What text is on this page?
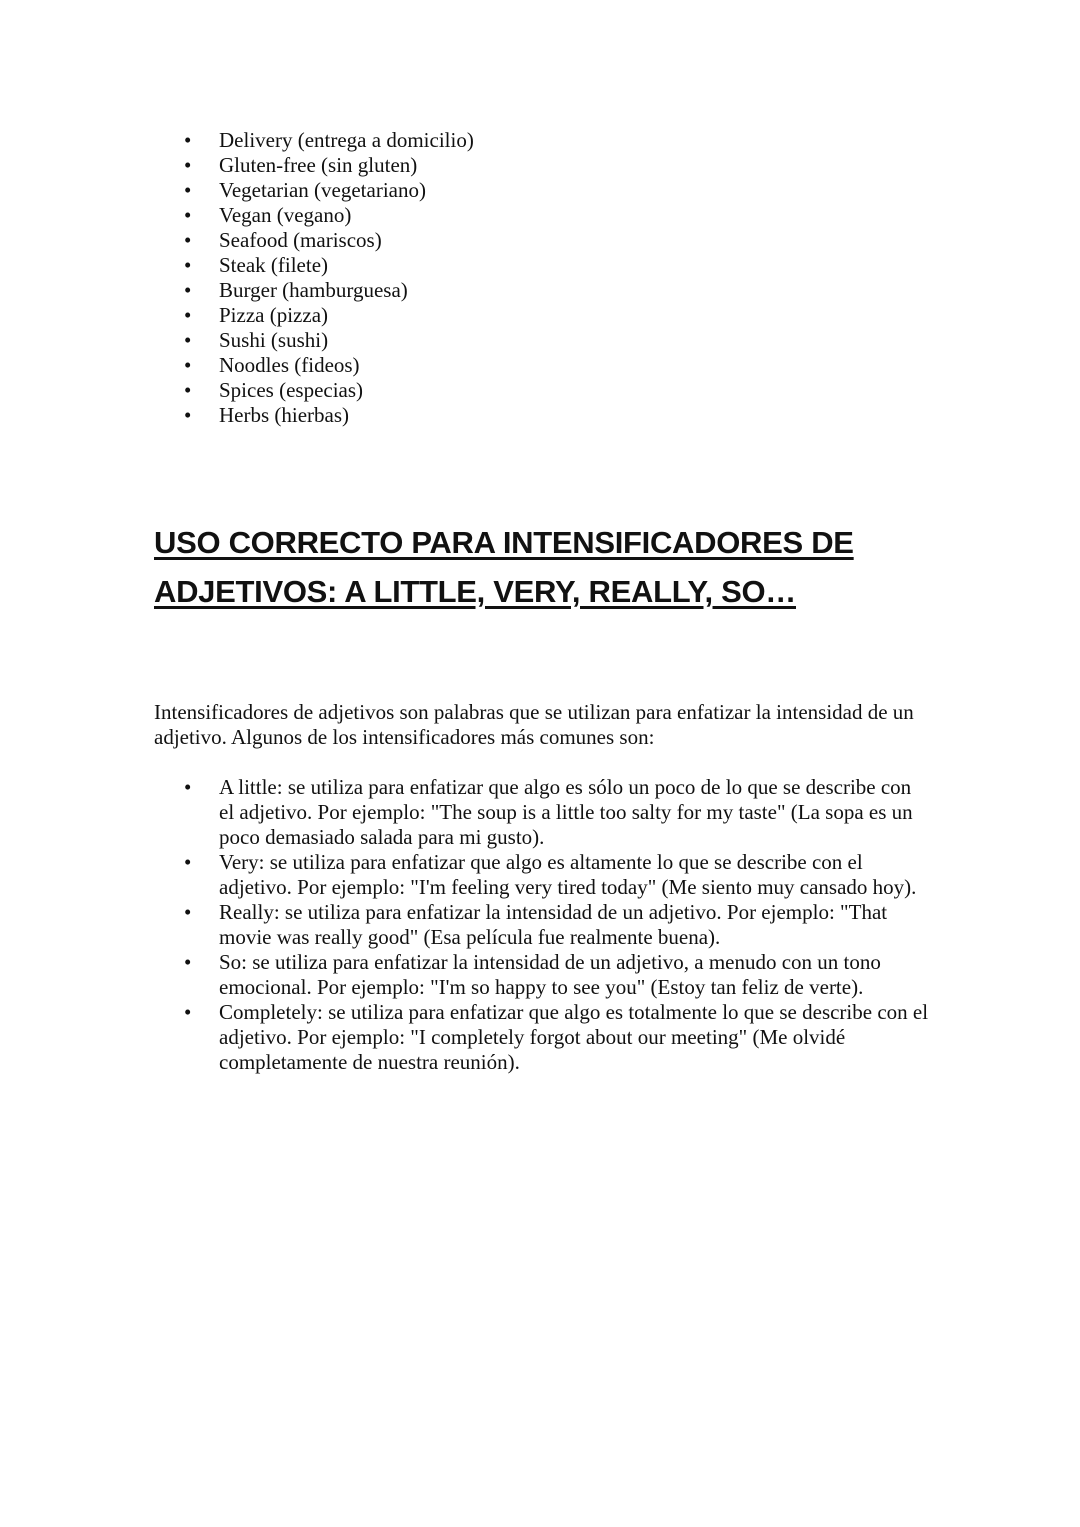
• Delivery (entrega a domicilio)
• Gluten-free (sin gluten)
• Vegetarian (vegetariano)
• Vegan (vegano)
• Seafood (mariscos)
• Steak (filete)
• Burger (hamburguesa)
• Pizza (pizza)
• Sushi (sushi)
• Noodles (fideos)
• Spices (especias)
• Herbs (hierbas)
USO CORRECTO PARA INTENSIFICADORES DE ADJETIVOS: A LITTLE, VERY, REALLY, SO…

Intensificadores de adjetivos son palabras que se utilizan para enfatizar la intensidad de un adjetivo. Algunos de los intensificadores más comunes son:

• A little: se utiliza para enfatizar que algo es sólo un poco de lo que se describe con el adjetivo. Por ejemplo: "The soup is a little too salty for my taste" (La sopa es un poco demasiado salada para mi gusto).
• Very: se utiliza para enfatizar que algo es altamente lo que se describe con el adjetivo. Por ejemplo: "I'm feeling very tired today" (Me siento muy cansado hoy).
• Really: se utiliza para enfatizar la intensidad de un adjetivo. Por ejemplo: "That movie was really good" (Esa película fue realmente buena).
• So: se utiliza para enfatizar la intensidad de un adjetivo, a menudo con un tono emocional. Por ejemplo: "I'm so happy to see you" (Estoy tan feliz de verte).
• Completely: se utiliza para enfatizar que algo es totalmente lo que se describe con el adjetivo. Por ejemplo: "I completely forgot about our meeting" (Me olvidé completamente de nuestra reunión).
